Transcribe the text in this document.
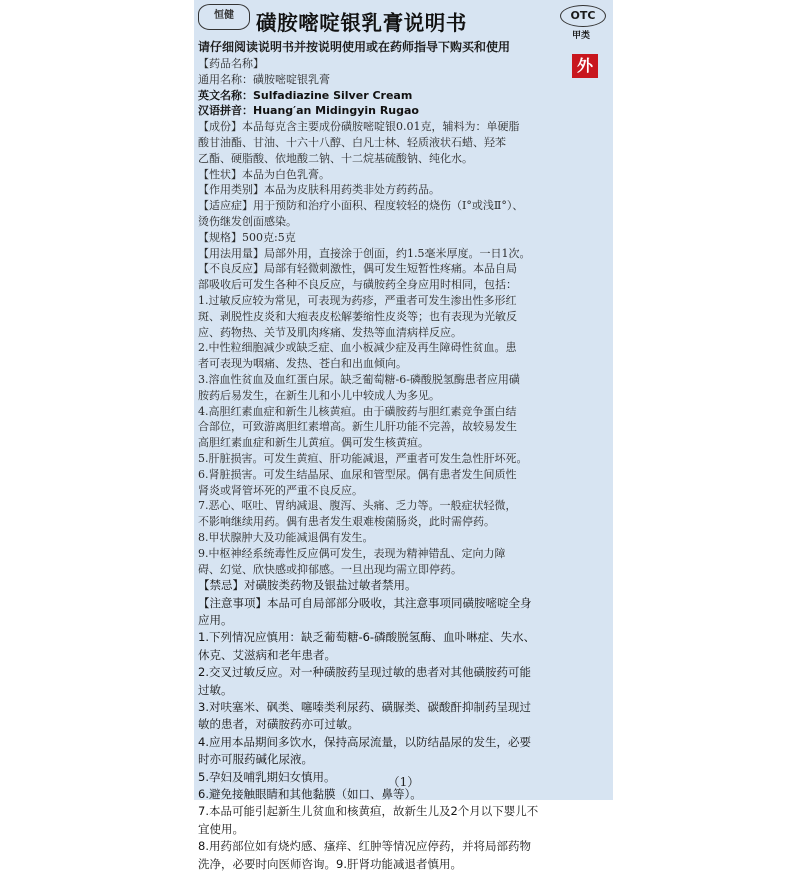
恒健	磺胺嘧啶银乳膏说明书	OTC
甲类
请仔细阅读说明书并按说明使用或在药师指导下购买和使用
外
【药品名称】
通用名称：磺胺嘧啶银乳膏
英文名称：Sulfadiazine Silver Cream
汉语拼音：Huang′an Midingyin Rugao
【成份】本品每克含主要成份磺胺嘧啶银0.01克，辅料为：单硬脂
酸甘油酯、甘油、十六十八醇、白凡士林、轻质液状石蜡、羟苯
乙酯、硬脂酸、依地酸二钠、十二烷基硫酸钠、纯化水。
【性状】本品为白色乳膏。
【作用类别】本品为皮肤科用药类非处方药药品。
【适应症】用于预防和治疗小面积、程度较轻的烧伤（Ⅰ°或浅Ⅱ°）、
烫伤继发创面感染。
【规格】500克:5克
【用法用量】局部外用，直接涂于创面，约1.5毫米厚度。一日1次。
【不良反应】局部有轻微刺激性，偶可发生短暂性疼痛。本品自局
部吸收后可发生各种不良反应，与磺胺药全身应用时相同，包括：
1.过敏反应较为常见，可表现为药疹，严重者可发生渗出性多形红
斑、剥脱性皮炎和大疱表皮松解萎缩性皮炎等；也有表现为光敏反
应、药物热、关节及肌肉疼痛、发热等血清病样反应。
2.中性粒细胞减少或缺乏症、血小板减少症及再生障碍性贫血。患
者可表现为咽痛、发热、苍白和出血倾向。
3.溶血性贫血及血红蛋白尿。缺乏葡萄糖-6-磷酸脱氢酶患者应用磺
胺药后易发生，在新生儿和小儿中较成人为多见。
4.高胆红素血症和新生儿核黄疸。由于磺胺药与胆红素竞争蛋白结
合部位，可致游离胆红素增高。新生儿肝功能不完善，故较易发生
高胆红素血症和新生儿黄疸。偶可发生核黄疸。
5.肝脏损害。可发生黄疸、肝功能减退，严重者可发生急性肝坏死。
6.肾脏损害。可发生结晶尿、血尿和管型尿。偶有患者发生间质性
肾炎或肾管坏死的严重不良反应。
7.恶心、呕吐、胃纳减退、腹泻、头痛、乏力等。一般症状轻微，
不影响继续用药。偶有患者发生艰难梭菌肠炎，此时需停药。
8.甲状腺肿大及功能减退偶有发生。
9.中枢神经系统毒性反应偶可发生，表现为精神错乱、定向力障
碍、幻觉、欣快感或抑郁感。一旦出现均需立即停药。
【禁忌】对磺胺类药物及银盐过敏者禁用。
【注意事项】本品可自局部部分吸收，其注意事项同磺胺嘧啶全身
应用。
1.下列情况应慎用：缺乏葡萄糖-6-磷酸脱氢酶、血卟啉症、失水、
休克、艾滋病和老年患者。
2.交叉过敏反应。对一种磺胺药呈现过敏的患者对其他磺胺药可能
过敏。
3.对呋塞米、砜类、噻嗪类利尿药、磺脲类、碳酸酐抑制药呈现过
敏的患者，对磺胺药亦可过敏。
4.应用本品期间多饮水，保持高尿流量，以防结晶尿的发生，必要
时亦可服药碱化尿液。
5.孕妇及哺乳期妇女慎用。
6.避免接触眼睛和其他黏膜（如口、鼻等）。
7.本品可能引起新生儿贫血和核黄疸，故新生儿及2个月以下婴儿不
宜使用。
8.用药部位如有烧灼感、瘙痒、红肿等情况应停药，并将局部药物
洗净，必要时向医师咨询。9.肝肾功能减退者慎用。
（1）
